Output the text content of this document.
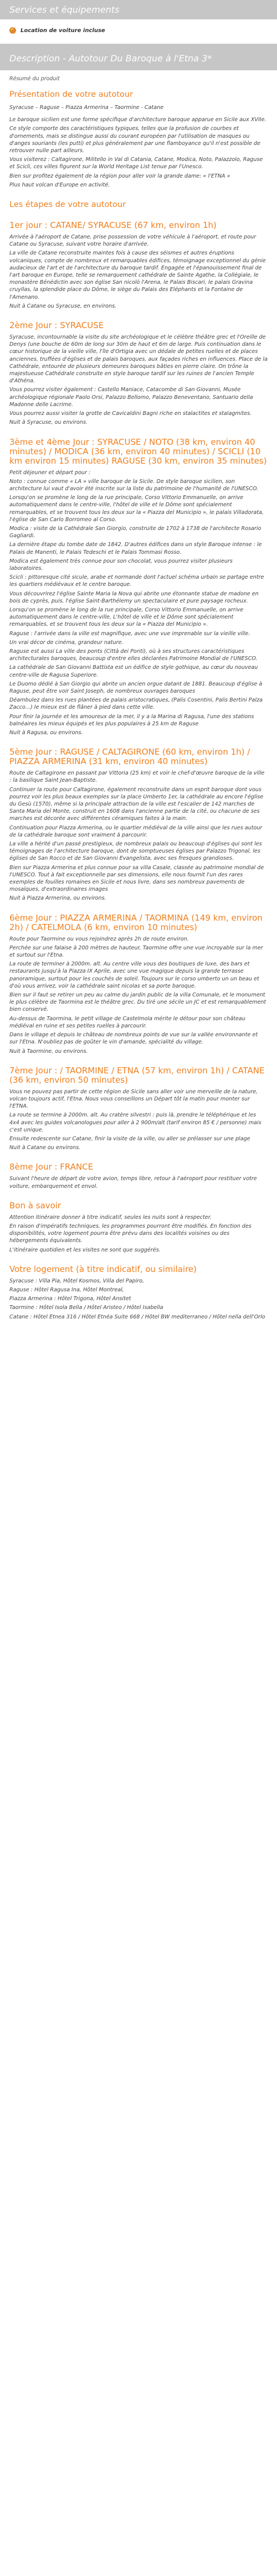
Services et équipements
✓
Location de voiture incluse
Description - Autotour Du Baroque à l'Etna 3*
Résumé du produit
Présentation de votre autotour

Syracuse – Raguse – Piazza Armerina – Taormine - Catane

Le baroque sicilien est une forme spécifique d'architecture baroque apparue en Sicile aux XVIIe.

Ce style comporte des caractéristiques typiques, telles que la profusion de courbes et d'ornements, mais se distingue aussi du courant européen par l'utilisation de masques ou d'anges souriants (les putti) et plus généralement par une flamboyance qu'il n'est possible de retrouver nulle part ailleurs.

Vous visiterez : Caltagirone, Militello in Val di Catania, Catane, Modica, Noto, Palazzolo, Raguse et Scicli, ces villes figurent sur la World Heritage List tenue par l'Unesco.

Bien sur profitez également de la région pour aller voir la grande dame: « l'ETNA »

Plus haut volcan d'Europe en activité.

Les étapes de votre autotour
1er jour : CATANE/ SYRACUSE (67 km, environ 1h)

Arrivée à l'aéroport de Catane, prise possession de votre véhicule à l'aéroport, et route pour Catane ou Syracuse, suivant votre horaire d'arrivée.

La ville de Catane reconstruite maintes fois à cause des séismes et autres éruptions volcaniques, compte de nombreux et remarquables édifices, témoignage exceptionnel du génie audacieux de l'art et de l'architecture du baroque tardif. Engagée et l'épanouissement final de l'art baroque en Europe, telle se remarquement cathédrale de Sainte Agathe, la Collégiale, le monastère Bénédictin avec son église San nicolò l'Arena, le Palais Biscari, le palais Gravina cruyllas, la splendide place du Dôme, le siège du Palais des Eléphants et la Fontaine de l'Amenano.

Nuit à Catane ou Syracuse, en environs.

2ème Jour : SYRACUSE

Syracuse, incontournable la visite du site archéologique et le célèbre théâtre grec et l'Oreille de Denys (une bouche de 60m de long sur 30m de haut et 6m de large. Puis continuation dans le cœur historique de la vieille ville, l'île d'Ortigia avec un dédale de petites ruelles et de places anciennes, truffées d'églises et de palais baroques, aux façades riches en influences. Place de la Cathédrale, entourée de plusieurs demeures baroques bâties en pierre claire. On trône la majestueuse Cathédrale construite en style baroque tardif sur les ruines de l'ancien Temple d'Athéna.

Vous pourrez visiter également : Castello Maniace, Catacombe di San Giovanni, Musée archéologique régionale Paolo Orsi, Palazzo Bellomo, Palazzo Beneventano, Santuario della Madonne delle Lacrime.

Vous pourrez aussi visiter la grotte de Cavicaldini Bagni riche en stalactites et stalagmites.

Nuit à Syracuse, ou environs.

3ème et 4ème Jour : SYRACUSE / NOTO (38 km, environ 40 minutes) / MODICA (36 km, environ 40 minutes) / SCICLI (10 km environ 15 minutes) RAGUSE (30 km, environ 35 minutes)

Petit déjeuner et départ pour :

Noto : connue comme « LA » ville baroque de la Sicile. De style baroque sicilien, son architecture lui vaut d'avoir été inscrite sur la liste du patrimoine de l'humanité de l'UNESCO.

Lorsqu'on se promène le long de la rue principale, Corso Vittorio Emmanuelle, on arrive automatiquement dans le centre-ville, l'hôtel de ville et le Dôme sont spécialement remarquables, et se trouvent tous les deux sur la « Piazza del Municipio », le palais Villadorata, l'église de San Carlo Borromeo al Corso.

Modica : visite de la Cathédrale San Giorgio, construite de 1702 à 1738 de l'architecte Rosario Gagliardi.

La dernière étape du tombe date de 1842. D'autres édifices dans un style Baroque intense : le Palais de Manenti, le Palais Tedeschi et le Palais Tommasi Rosso.

Modica est également très connue pour son chocolat, vous pourrez visiter plusieurs laboratoires.

Scicli : pittoresque cité sicule, arabe et normande dont l'actuel schéma urbain se partage entre les quartiers médiévaux et le centre baroque.

Vous découvrirez l'église Sainte Maria la Nova qui abrite une étonnante statue de madone en bois de cyprès, puis, l'église Saint-Barthélemy un spectaculaire et pure paysage rocheux.

Lorsqu'on se promène le long de la rue principale, Corso Vittorio Emmanuelle, on arrive automatiquement dans le centre-ville, L'hôtel de ville et le Dôme sont spécialement remarquables, et se trouvent tous les deux sur la « Piazza del Municipio ».

Raguse : l'arrivée dans la ville est magnifique, avec une vue imprenable sur la vieille ville.

Un vrai décor de cinéma, grandeur nature.

Raguse est aussi La ville des ponts (Città dei Ponti), où à ses structures caractéristiques architecturales baroques, beaucoup d'entre elles déclarées Patrimoine Mondial de l'UNESCO.

La cathédrale de San Giovanni Battista est un édifice de style gothique, au cœur du nouveau centre-ville de Ragusa Superiore.

Le Duomo dédié à San Giorgio qui abrite un ancien orgue datant de 1881. Beaucoup d'église à Raguse, peut être voir Saint Joseph, de nombreux ouvrages baroques

Déambulez dans les rues plantées de palais aristocratiques, (Palis Cosentini, Palis Bertini Palza Zacco...) le mieux est de flâner à pied dans cette ville.

Pour finir la journée et les amoureux de la mer, il y a la Marina di Ragusa, l'une des stations balnéaires les mieux équipés et les plus populaires à 25 km de Raguse

Nuit à Ragusa, ou environs.

5ème Jour : RAGUSE / CALTAGIRONE (60 km, environ 1h) / PIAZZA ARMERINA (31 km, environ 40 minutes)

Route de Caltagirone en passant par Vittoria (25 km) et voir le chef-d'œuvre baroque de la ville : la basilique Saint Jean-Baptiste.

Continuer la route pour Caltagirone, également reconstruite dans un esprit baroque dont vous pourrez voir les plus beaux exemples sur la place Umberto 1er, la cathédrale au encore l'église du Gesù (1570), même si la principale attraction de la ville est l'escalier de 142 marches de Santa Maria del Monte, construit en 1608 dans l'ancienne partie de la cité, ou chacune de ses marches est décorée avec différentes céramiques faites à la main.

Continuation pour Piazza Armerina, ou le quartier médiéval de la ville ainsi que les rues autour de la cathédrale baroque sont vraiment à parcourir.

La ville a hérité d'un passé prestigieux, de nombreux palais ou beaucoup d'églises qui sont les témoignages de l'architecture baroque, dont de somptueuses églises par Palazzo Trigonal, les églises de San Rocco et de San Giovanni Evangelista, avec ses fresques grandioses.

Bien sur Piazza Armerina et plus connue pour sa villa Casale, classée au patrimoine mondial de l'UNESCO. Tout à fait exceptionnelle par ses dimensions, elle nous fournit l'un des rares exemples de fouilles romaines en Sicile et nous livre, dans ses nombreux pavements de mosaïques, d'extraordinaires images

Nuit à Piazza Armerina, ou environs.

6ème Jour : PIAZZA ARMERINA / TAORMINA (149 km, environ 2h) / CATELMOLA (6 km, environ 10 minutes)

Route pour Taormine ou vous rejoindrez après 2h de route environ.

Perchée sur une falaise à 200 mètres de hauteur, Taormine offre une vue incroyable sur la mer et surtout sur l'Etna.

La route de terminer à 2000m. alt. Au centre ville vous des boutiques de luxe, des bars et restaurants jusqu'à la Piazza IX Aprile, avec une vue magique depuis la grande terrasse panoramique, surtout pour les couchés de soleil. Toujours sur le corso umberto un un beau et d'où vous arrivez, voir la cathédrale saint nicolas et sa porte baroque.

Bien sur il faut se retirer un peu au calme du jardin public de la villa Comunale, et le monument le plus célèbre de Taormina est le théâtre grec. Du tiré une sécile un JC et est remarquablement bien conservé.

Au-dessus de Taormina, le petit village de Castelmola mérite le détour pour son château médiéval en ruine et ses petites ruelles à parcourir.

Dans le village et depuis le château de nombreux points de vue sur la vallée environnante et sur l'Etna. N'oubliez pas de goûter le vin d'amande, spécialité du village.

Nuit à Taormine, ou environs.

7ème Jour : / TAORMINE / ETNA (57 km, environ 1h) / CATANE (36 km, environ 50 minutes)

Vous ne pouvez pas partir de cette région de Sicile sans aller voir une merveille de la nature, volcan toujours actif, l'Etna. Nous vous conseillons un Départ tôt la matin pour monter sur l'ETNA.

La route se termine à 2000m. alt. Au cratère silvestri : puis là, prendre le téléphérique et les 4x4 avec les guides volcanologues pour aller à 2 900m/alt (tarif environ 85 € / personne) mais c'est unique.

Ensuite redescente sur Catane, finir la visite de la ville, ou aller se prélasser sur une plage

Nuit à Catane ou environs.

8ème Jour : FRANCE

Suivant l'heure de départ de votre avion, temps libre, retour à l'aéroport pour restituer votre voiture, embarquement et envol.

Bon à savoir

Attention itinéraire donner à titre indicatif, seules les nuits sont à respecter.

En raison d'impératifs techniques, les programmes pourront être modifiés. En fonction des disponibilités, votre logement pourra être prévu dans des localités voisines ou des hébergements équivalents.

L'itinéraire quotidien et les visites ne sont que suggérés.

Votre logement (à titre indicatif, ou similaire)

Syracuse : Villa Pia, Hôtel Kosmos, Villa del Papiro,

Raguse : Hôtel Ragusa Ina, Hôtel Montreal,

Piazza Armerina : Hôtel Trigona, Hôtel Ansitet

Taormine : Hôtel Isola Bella / Hôtel Aristeo / Hôtel Isabella

Catane : Hôtel Etnea 316 / Hôtel Etnéa Suite 668 / Hôtel BW mediterraneo / Hôtel nella dell'Orlo
